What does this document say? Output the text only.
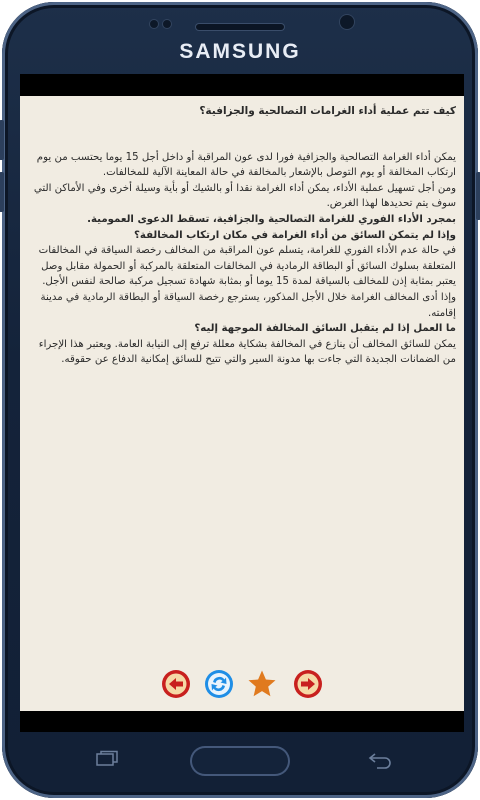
SAMSUNG

كيف تتم عملية أداء الغرامات التصالحية والجزافية؟

يمكن أداء الغرامة التصالحية والجزافية فورا لدى عون المراقبة أو داخل أجل 15 يوما يحتسب من يوم ارتكاب المخالفة أو يوم التوصل بالإشعار بالمخالفة في حالة المعاينة الآلية للمخالفات.

ومن أجل تسهيل عملية الأداء، يمكن أداء الغرامة نقدا أو بالشيك أو بأية وسيلة أخرى وفي الأماكن التي سوف يتم تحديدها لهذا الغرض.

بمجرد الأداء الفوري للغرامة التصالحية والجزافية، تسقط الدعوى العمومية.

وإذا لم يتمكن السائق من أداء الغرامة في مكان ارتكاب المخالفة؟

في حالة عدم الأداء الفوري للغرامة، يتسلم عون المراقبة من المخالف رخصة السياقة في المخالفات المتعلقة بسلوك السائق أو البطاقة الرمادية في المخالفات المتعلقة بالمركبة أو الحمولة مقابل وصل يعتبر بمثابة إذن للمخالف بالسياقة لمدة 15 يوما أو بمثابة شهادة تسجيل مركبة صالحة لنفس الأجل.

وإذا أدى المخالف الغرامة خلال الأجل المذكور، يسترجع رخصة السياقة أو البطاقة الرمادية في مدينة إقامته.

ما العمل إذا لم يتقبل السائق المخالفة الموجهة إليه؟

يمكن للسائق المخالف أن ينازع في المخالفة بشكاية معللة ترفع إلى النيابة العامة. ويعتبر هذا الإجراء من الضمانات الجديدة التي جاءت بها مدونة السير والتي تتيح للسائق إمكانية الدفاع عن حقوقه.
